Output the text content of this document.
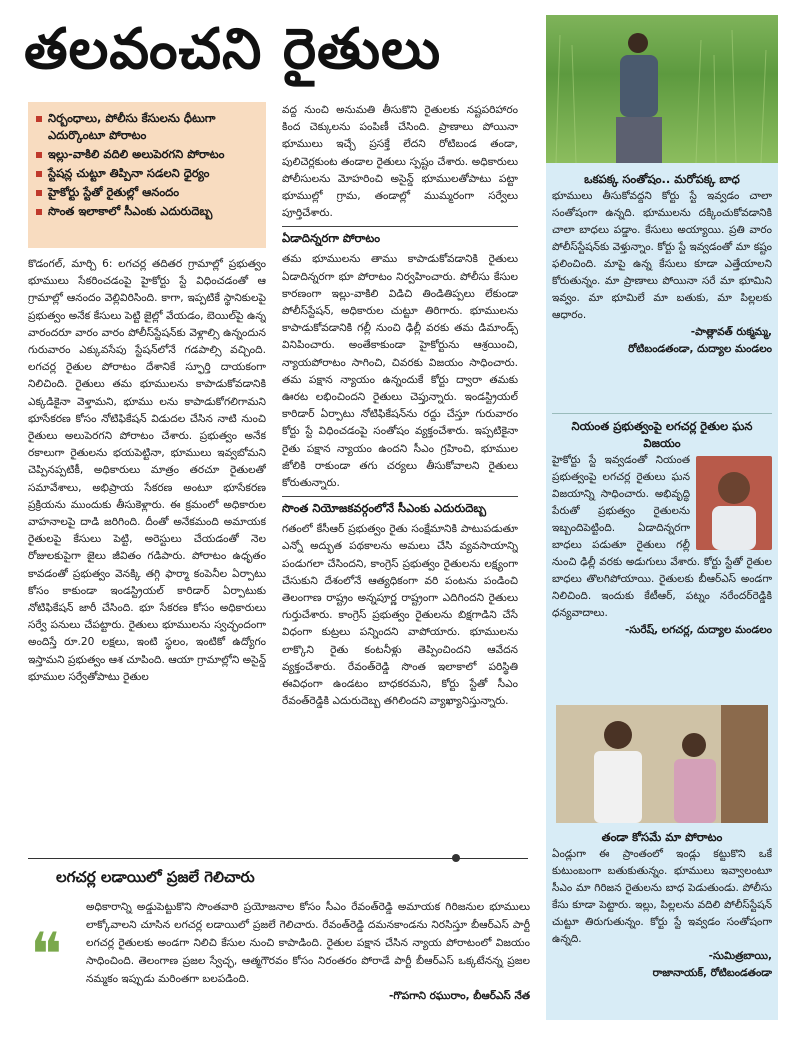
తలవంచని రైతులు
నిర్బంధాలు, పోలీసు కేసులను ధీటుగా ఎదుర్కొంటూ పోరాటం
ఇల్లు-వాకిలి వదిలి అలుపెరగని పోరాటం
స్టేషన్ల చుట్టూ తిప్పినా సడలని ధైర్యం
హైకోర్టు స్టేతో రైతుల్లో ఆనందం
సొంత ఇలాకాలో సీఎంకు ఎదురుదెబ్బ

కొడంగల్, మార్చి 6: లగచర్ల తదితర గ్రామాల్లో ప్రభుత్వం భూములు సేకరించడంపై హైకోర్టు స్టే విధించడంతో ఆ గ్రామాల్లో ఆనందం వెల్లివిరిసింది. కాగా, ఇప్పటికే స్థానికులపై ప్రభుత్వం అనేక కేసులు పెట్టి జైల్లో వేయడం, బెయిల్‌పై ఉన్న వారందరూ వారం వారం పోలీస్‌స్టేషన్‌కు వెళ్లాల్సి ఉన్నందున గురువారం ఎక్కువసేపు స్టేషన్‌లోనే గడపాల్సి వచ్చింది. లగచర్ల రైతుల పోరాటం దేశానికే స్ఫూర్తి దాయకంగా నిలిచింది. రైతులు తమ భూములను కాపాడుకోవడానికి ఎక్కడికైనా వెళ్తామని, భూము లను కాపాడుకోగలిగామని భూసేకరణ కోసం నోటిఫికేషన్ విడుదల చేసిన నాటి నుంచి రైతులు అలుపెరగని పోరాటం చేశారు. ప్రభుత్వం అనేక రకాలుగా రైతులను భయపెట్టినా, భూములు ఇవ్వబోమని చెప్పినప్పటికీ, అధికారులు మాత్రం తరచూ రైతులతో సమావేశాలు, అభిప్రాయ సేకరణ అంటూ భూసేకరణ ప్రక్రియను ముందుకు తీసుకెళ్లారు. ఈ క్రమంలో అధికారుల వాహనాలపై దాడి జరిగింది. దీంతో అనేకమంది అమాయక రైతులపై కేసులు పెట్టి, అరెస్టులు చేయడంతో నెల రోజులకుపైగా జైలు జీవితం గడిపారు. పోరాటం ఉధృతం కావడంతో ప్రభుత్వం వెనక్కి తగ్గి ఫార్మా కంపెనీల ఏర్పాటు కోసం కాకుండా ఇండస్ట్రియల్ కారిడార్ ఏర్పాటుకు నోటిఫికేషన్ జారీ చేసింది. భూ సేకరణ కోసం అధికారులు సర్వే పనులు చేపట్టారు. రైతులు భూములను స్వచ్ఛందంగా అందిస్తే రూ.20 లక్షలు, ఇంటి స్థలం, ఇంటికో ఉద్యోగం ఇస్తామని ప్రభుత్వం ఆశ చూపింది. ఆయా గ్రామాల్లోని అసైన్డ్ భూముల సర్వేతోపాటు రైతుల

వద్ద నుంచి అనుమతి తీసుకొని రైతులకు నష్టపరిహారం కింద చెక్కులను పంపిణీ చేసింది. ప్రాణాలు పోయినా భూములు ఇచ్చే ప్రసక్తే లేదని రోటిబండ తండా, పులిచెర్లకుంట తండాల రైతులు స్పష్టం చేశారు. అధికారులు పోలీసులను మోహరించి అసైన్డ్ భూములతోపాటు పట్టా భూముల్లో గ్రామ, తండాల్లో ముమ్మరంగా సర్వేలు పూర్తిచేశారు.

ఏడాదిన్నరగా పోరాటం

తమ భూములను తాము కాపాడుకోవడానికి రైతులు ఏడాదిన్నరగా భూ పోరాటం నిర్వహించారు. పోలీసు కేసుల కారణంగా ఇల్లు-వాకిలి విడిచి తిండితిప్పలు లేకుండా పోలీస్‌స్టేషన్, అధికారుల చుట్టూ తిరిగారు. భూములను కాపాడుకోవడానికి గల్లీ నుంచి ఢిల్లీ వరకు తమ డిమాండ్స్ వినిపించారు. అంతేకాకుండా హైకోర్టును ఆశ్రయించి, న్యాయపోరాటం సాగించి, చివరకు విజయం సాధించారు. తమ పక్షాన న్యాయం ఉన్నందుకే కోర్టు ద్వారా తమకు ఊరట లభించిందని రైతులు చెప్తున్నారు. ఇండస్ట్రియల్ కారిడార్ ఏర్పాటు నోటిఫికేషన్‌ను రద్దు చేస్తూ గురువారం కోర్టు స్టే విధించడంపై సంతోషం వ్యక్తంచేశారు. ఇప్పటికైనా రైతు పక్షాన న్యాయం ఉందని సీఎం గ్రహించి, భూముల జోలికి రాకుండా తగు చర్యలు తీసుకోవాలని రైతులు కోరుతున్నారు.

సొంత నియోజకవర్గంలోనే సీఎంకు ఎదురుదెబ్బ

గతంలో కేసీఆర్ ప్రభుత్వం రైతు సంక్షేమానికి పాటుపడుతూ ఎన్నో అద్భుత పథకాలను అమలు చేసి వ్యవసాయాన్ని పండుగలా చేసిందని, కాంగ్రెస్ ప్రభుత్వం రైతులను లక్ష్యంగా చేసుకుని దేశంలోనే ఆత్యధికంగా వరి పంటను పండించి తెలంగాణ రాష్ట్రం అన్నపూర్ణ రాష్ట్రంగా ఎదిగిందని రైతులు గుర్తుచేశారు. కాంగ్రెస్ ప్రభుత్వం రైతులను బిక్షగాడిని చేసే విధంగా కుట్రలు పన్నిందని వాపోయారు. భూములను లాక్కొని రైతు కంటనీళ్లు తెప్పించిందని ఆవేదన వ్యక్తంచేశారు. రేవంత్‌రెడ్డి సొంత ఇలాకాలో పరిస్థితి ఈవిధంగా ఉండటం బాధకరమని, కోర్టు స్టేతో సీఎం రేవంత్‌రెడ్డికి ఎదురుదెబ్బ తగిలిందని వ్యాఖ్యానిస్తున్నారు.

లగచర్ల లడాయిలో ప్రజలే గెలిచారు
❝

అధికారాన్ని అడ్డుపెట్టుకొని సొంతవారి ప్రయోజనాల కోసం సీఎం రేవంత్‌రెడ్డి అమాయక గిరిజనుల భూములు లాక్కోవాలని చూసిన లగచర్ల లడాయిలో ప్రజలే గెలిచారు. రేవంత్‌రెడ్డి దమనకాండను నిరసిస్తూ బీఆర్‌ఎస్ పార్టీ లగచర్ల రైతులకు అండగా నిలిచి కేసుల నుంచి కాపాడింది. రైతుల పక్షాన చేసిన న్యాయ పోరాటంలో విజయం సాధించింది. తెలంగాణ ప్రజల స్వేచ్ఛ, ఆత్మగౌరవం కోసం నిరంతరం పోరాడే పార్టీ బీఆర్‌ఎస్ ఒక్కటేనన్న ప్రజల నమ్మకం ఇప్పుడు మరింతగా బలపడింది.

-గొపగాని రఘురాం, బీఆర్‌ఎస్ నేత
ఒకపక్క సంతోషం.. మరోపక్క బాధ
భూములు తీసుకోవద్దని కోర్టు స్టే ఇవ్వడం చాలా సంతోషంగా ఉన్నది. భూములను దక్కించుకోవడానికి చాలా బాధలు పడ్డాం. కేసులు అయ్యాయి. ప్రతి వారం పోలీస్‌స్టేషన్‌కు వెళ్తున్నాం. కోర్టు స్టే ఇవ్వడంతో మా కష్టం ఫలించింది. మాపై ఉన్న కేసులు కూడా ఎత్తేయాలని కోరుతున్నం. మా ప్రాణాలు పోయినా సరే మా భూమిని ఇవ్వం. మా భూమిలే మా బతుకు, మా పిల్లలకు ఆధారం.
-పాత్లావత్ రుక్మమ్మ,
రోటిబండతండా, దుద్యాల మండలం
నియంత ప్రభుత్వంపై లగచర్ల రైతుల ఘన విజయం
హైకోర్టు స్టే ఇవ్వడంతో నియంత ప్రభుత్వంపై లగచర్ల రైతులు ఘన విజయాన్ని సాధించారు. అభివృద్ధి పేరుతో ప్రభుత్వం రైతులను ఇబ్బందిపెట్టింది. ఏడాదిన్నరగా బాధలు పడుతూ రైతులు గల్లీ నుంచి ఢిల్లీ వరకు అడుగులు వేశారు. కోర్టు స్టేతో రైతుల బాధలు తొలగిపోయాయి. రైతులకు బీఆర్‌ఎస్ అండగా నిలిచింది. ఇందుకు కేటీఆర్, పట్నం నరేందర్‌రెడ్డికి ధన్యవాదాలు.
-సురేష్, లగచర్ల, దుద్యాల మండలం
తండా కోసమే మా పోరాటం
ఏండ్లుగా ఈ ప్రాంతంలో ఇండ్లు కట్టుకొని ఒకే కుటుంబంగా బతుకుతున్నం. భూములు ఇవ్వాలంటూ సీఎం మా గిరిజన రైతులను బాధ పెడుతుండు. పోలీసు కేసు కూడా పెట్టారు. ఇల్లు, పిల్లలను వదిలి పోలీస్‌స్టేషన్ చుట్టూ తిరుగుతున్నం. కోర్టు స్టే ఇవ్వడం సంతోషంగా ఉన్నది.
-సుమిత్రబాయి,
రాజానాయక్, రోటిబండతండా
